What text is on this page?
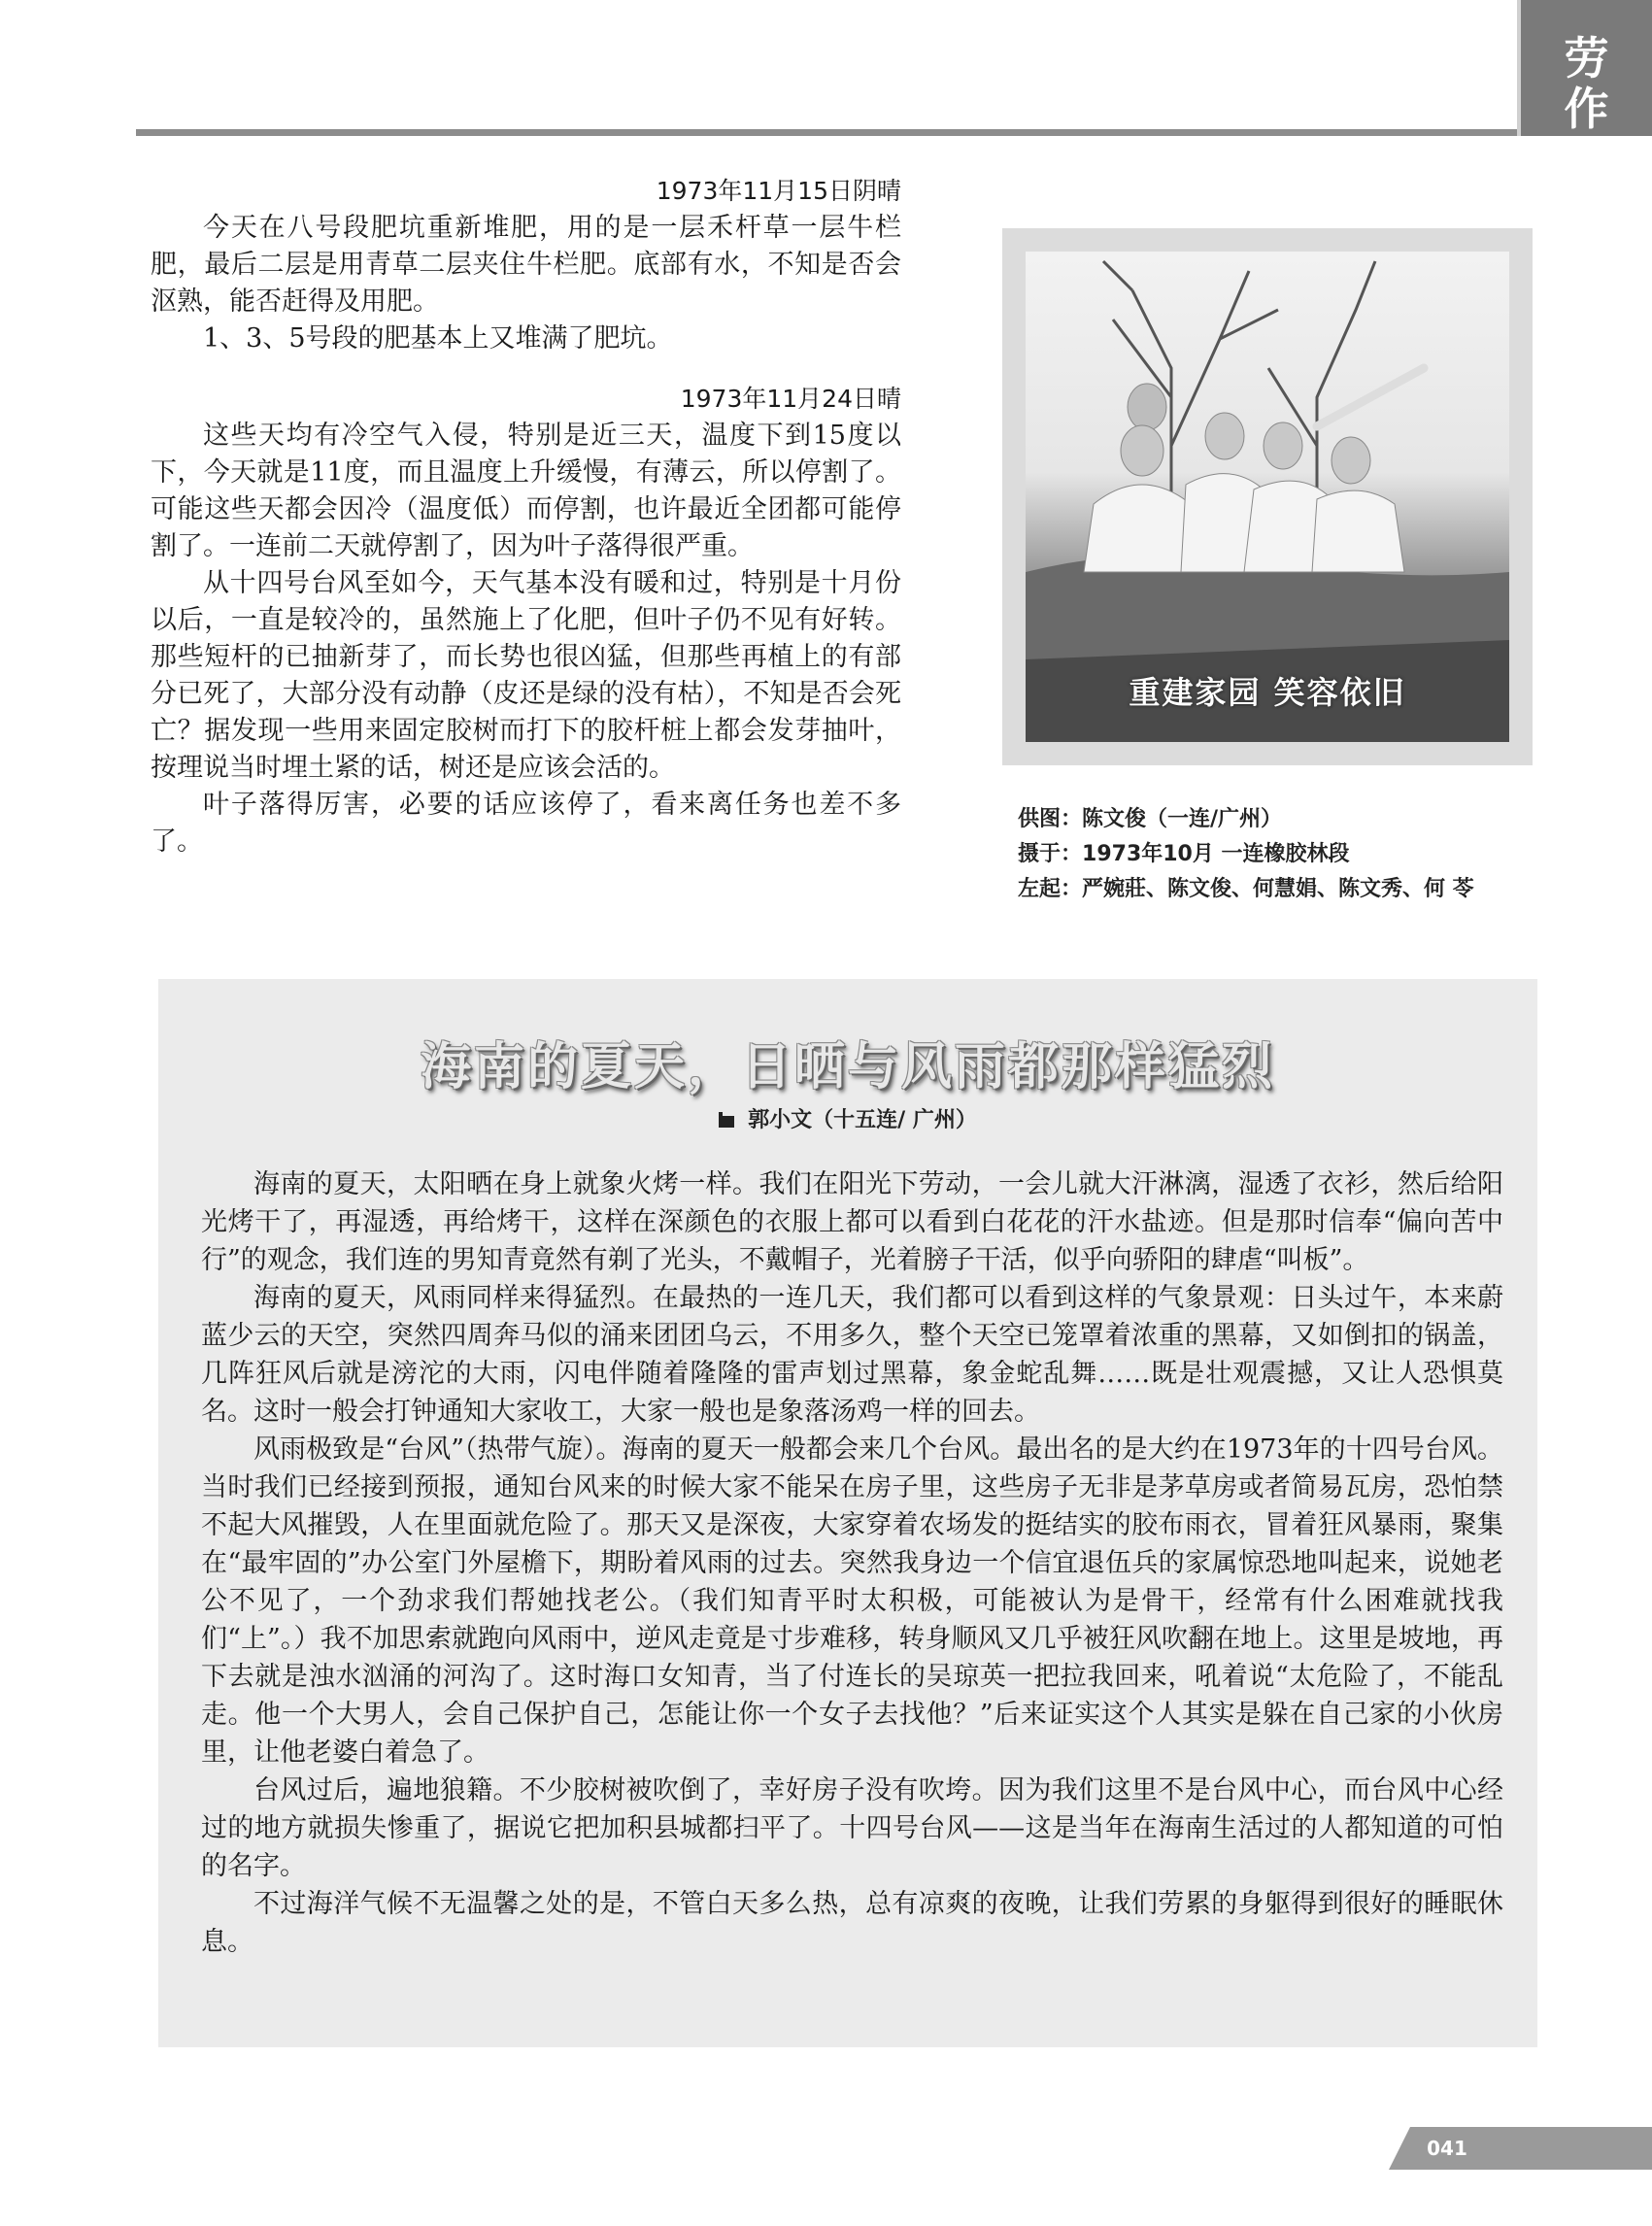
劳
作
1973年11月15日阴晴

今天在八号段肥坑重新堆肥，用的是一层禾杆草一层牛栏肥，最后二层是用青草二层夹住牛栏肥。底部有水，不知是否会沤熟，能否赶得及用肥。

1、3、5号段的肥基本上又堆满了肥坑。

1973年11月24日晴

这些天均有冷空气入侵，特别是近三天，温度下到15度以下，今天就是11度，而且温度上升缓慢，有薄云，所以停割了。可能这些天都会因冷（温度低）而停割，也许最近全团都可能停割了。一连前二天就停割了，因为叶子落得很严重。

从十四号台风至如今，天气基本没有暖和过，特别是十月份以后，一直是较冷的，虽然施上了化肥，但叶子仍不见有好转。那些短杆的已抽新芽了，而长势也很凶猛，但那些再植上的有部分已死了，大部分没有动静（皮还是绿的没有枯），不知是否会死亡？据发现一些用来固定胶树而打下的胶杆桩上都会发芽抽叶，按理说当时埋土紧的话，树还是应该会活的。

叶子落得厉害，必要的话应该停了，看来离任务也差不多了。

重建家园 笑容依旧
供图： 陈文俊（一连/广州）
摄于： 1973年10月 一连橡胶林段
左起： 严婉莊、陈文俊、何慧娟、陈文秀、何 苓
海南的夏天，日晒与风雨都那样猛烈
郭小文（十五连/ 广州）

海南的夏天，太阳晒在身上就象火烤一样。我们在阳光下劳动，一会儿就大汗淋漓，湿透了衣衫，然后给阳光烤干了，再湿透，再给烤干，这样在深颜色的衣服上都可以看到白花花的汗水盐迹。但是那时信奉“偏向苦中行”的观念，我们连的男知青竟然有剃了光头，不戴帽子，光着膀子干活，似乎向骄阳的肆虐“叫板”。

海南的夏天，风雨同样来得猛烈。在最热的一连几天，我们都可以看到这样的气象景观：日头过午，本来蔚蓝少云的天空，突然四周奔马似的涌来团团乌云，不用多久，整个天空已笼罩着浓重的黑幕，又如倒扣的锅盖，几阵狂风后就是滂沱的大雨，闪电伴随着隆隆的雷声划过黑幕，象金蛇乱舞……既是壮观震撼，又让人恐惧莫名。这时一般会打钟通知大家收工，大家一般也是象落汤鸡一样的回去。

风雨极致是“台风”（热带气旋）。海南的夏天一般都会来几个台风。最出名的是大约在1973年的十四号台风。当时我们已经接到预报，通知台风来的时候大家不能呆在房子里，这些房子无非是茅草房或者简易瓦房，恐怕禁不起大风摧毁，人在里面就危险了。那天又是深夜，大家穿着农场发的挺结实的胶布雨衣，冒着狂风暴雨，聚集在“最牢固的”办公室门外屋檐下，期盼着风雨的过去。突然我身边一个信宜退伍兵的家属惊恐地叫起来，说她老公不见了，一个劲求我们帮她找老公。（我们知青平时太积极，可能被认为是骨干，经常有什么困难就找我们“上”。）我不加思索就跑向风雨中，逆风走竟是寸步难移，转身顺风又几乎被狂风吹翻在地上。这里是坡地，再下去就是浊水汹涌的河沟了。这时海口女知青，当了付连长的吴琼英一把拉我回来，吼着说“太危险了，不能乱走。他一个大男人，会自己保护自己，怎能让你一个女子去找他？”后来证实这个人其实是躲在自己家的小伙房里，让他老婆白着急了。

台风过后，遍地狼籍。不少胶树被吹倒了，幸好房子没有吹垮。因为我们这里不是台风中心，而台风中心经过的地方就损失惨重了，据说它把加积县城都扫平了。十四号台风——这是当年在海南生活过的人都知道的可怕的名字。

不过海洋气候不无温馨之处的是，不管白天多么热，总有凉爽的夜晚，让我们劳累的身躯得到很好的睡眠休息。

041
